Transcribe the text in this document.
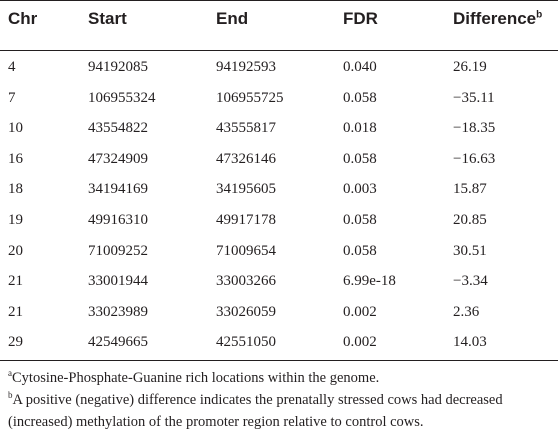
Chr	Start	End	FDR	Difference$^b$
4	94192085	94192593	0.040	26.19
7	106955324	106955725	0.058	−35.11
10	43554822	43555817	0.018	−18.35
16	47324909	47326146	0.058	−16.63
18	34194169	34195605	0.003	15.87
19	49916310	49917178	0.058	20.85
20	71009252	71009654	0.058	30.51
21	33001944	33003266	6.99e-18	−3.34
21	33023989	33026059	0.002	2.36
29	42549665	42551050	0.002	14.03

$^a$Cytosine-Phosphate-Guanine rich locations within the genome.

$^b$A positive (negative) difference indicates the prenatally stressed cows had decreased (increased) methylation of the promoter region relative to control cows.
